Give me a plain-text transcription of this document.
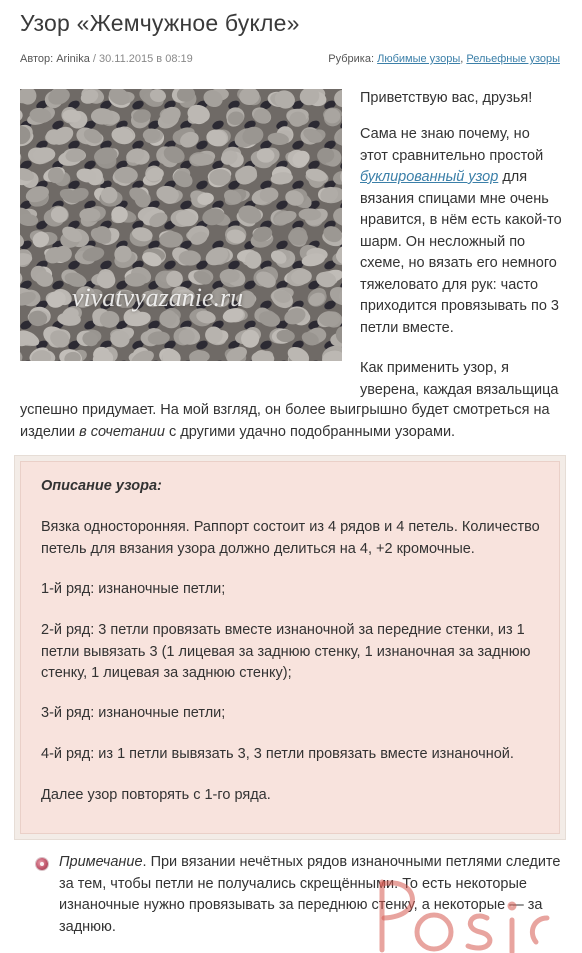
Узор «Жемчужное букле»
Автор: Arinika / 30.11.2015 в 08:19	Рубрика: Любимые узоры, Рельефные узоры
vivatvyazanie.ru
Приветствую вас, друзья!
Сама не знаю почему, но
этот сравнительно простой
буклированный узор для
вязания спицами мне очень
нравится, в нём есть какой-то
шарм. Он несложный по
схеме, но вязать его немного
тяжеловато для рук: часто
приходится провязывать по 3
петли вместе.
Как применить узор, я
уверена, каждая вязальщица
успешно придумает. На мой взгляд, он более выигрышно будет смотреться на
изделии в сочетании с другими удачно подобранными узорами.
Описание узора:
Вязка односторонняя. Раппорт состоит из 4 рядов и 4 петель. Количество
петель для вязания узора должно делиться на 4, +2 кромочные.
1-й ряд: изнаночные петли;
2-й ряд: 3 петли провязать вместе изнаночной за передние стенки, из 1
петли вывязать 3 (1 лицевая за заднюю стенку, 1 изнаночная за заднюю
стенку, 1 лицевая за заднюю стенку);
3-й ряд: изнаночные петли;
4-й ряд: из 1 петли вывязать 3, 3 петли провязать вместе изнаночной.
Далее узор повторять с 1-го ряда.
Примечание. При вязании нечётных рядов изнаночными петлями следите
за тем, чтобы петли не получались скрещёнными. То есть некоторые
изнаночные нужно провязывать за переднюю стенку, а некоторые — за
заднюю.
